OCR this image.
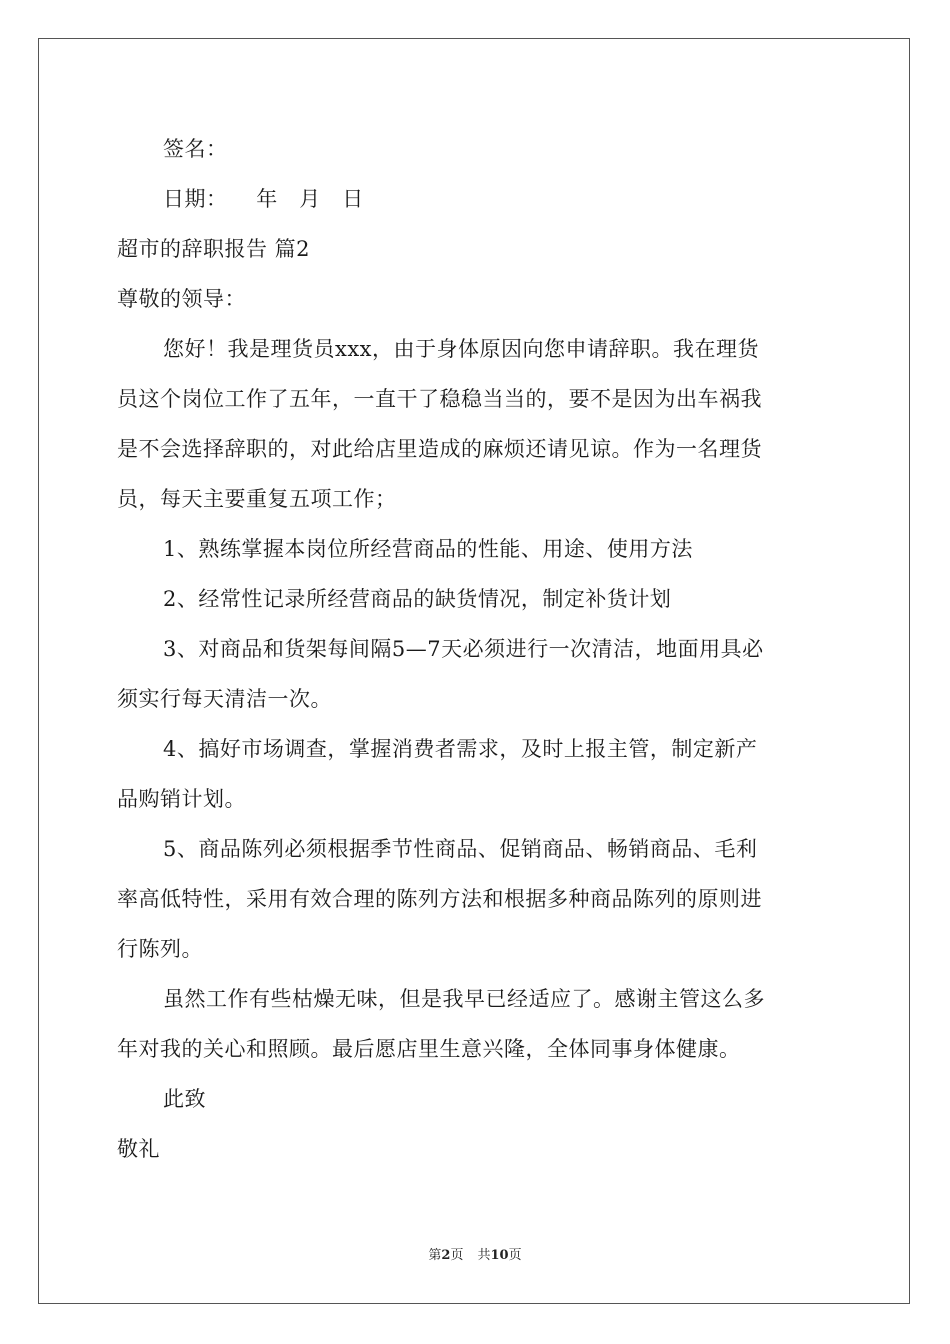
签名：
日期：    年   月   日
超市的辞职报告 篇2
尊敬的领导：
您好！我是理货员xxx，由于身体原因向您申请辞职。我在理货
员这个岗位工作了五年，一直干了稳稳当当的，要不是因为出车祸我
是不会选择辞职的，对此给店里造成的麻烦还请见谅。作为一名理货
员，每天主要重复五项工作；
1、熟练掌握本岗位所经营商品的性能、用途、使用方法
2、经常性记录所经营商品的缺货情况，制定补货计划
3、对商品和货架每间隔5—7天必须进行一次清洁，地面用具必
须实行每天清洁一次。
4、搞好市场调查，掌握消费者需求，及时上报主管，制定新产
品购销计划。
5、商品陈列必须根据季节性商品、促销商品、畅销商品、毛利
率高低特性，采用有效合理的陈列方法和根据多种商品陈列的原则进
行陈列。
虽然工作有些枯燥无味，但是我早已经适应了。感谢主管这么多
年对我的关心和照顾。最后愿店里生意兴隆，全体同事身体健康。
此致
敬礼
第2页 共10页
